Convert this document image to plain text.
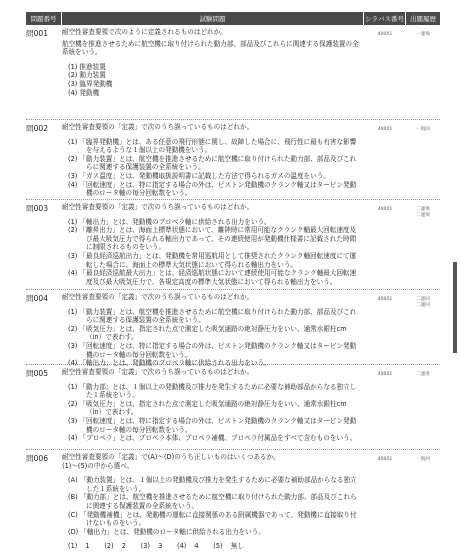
問題番号	試験問題	シラバス番号 出題履歴
問001	耐空性審査要領で次のように定義されるものはどれか。

航空機を推進させるために航空機に取り付けられた動力部、部品及びこれらに関連する保護装置の全系統をいう。

(1) 推進装置

(2) 動力装置

(3) 臨界発動機

(4) 発動機

40001	一運飛
問002	耐空性審査要領の「定義」で次のうち誤っているものはどれか。

(1) 「臨界発動機」とは、ある任意の飛行形態に関し、故障した場合に、飛行性に最も有害な影響を与えるような１個以上の発動機をいう。

(2) 「動力装置」とは、航空機を推進させるために航空機に取り付けられた動力部、部品及びこれらに関連する保護装置の全系統をいう。

(3) 「ガス温度」とは、発動機取扱説明書に記載した方法で得られるガスの温度をいう。

(4) 「回転速度」とは、特に指定する場合の外は、ピストン発動機のクランク軸又はタービン発動機のロータ軸の毎分回転数をいう。

40001	一航回
問003	耐空性審査要領の「定義」で次のうち誤っているものはどれか。

(1) 「軸出力」とは、発動機のプロペラ軸に供給される出力をいう。

(2) 「離昇出力」とは、海面上標準状態において、離陸時に常用可能なクランク軸最大回転速度及び最大吸気圧力で得られる軸出力であって、その連続使用が発動機仕様書に記載された時間に制限されるものをいう。

(3) 「最良経済巡航出力」とは、発動機を常用巡航用として推奨されたクランク軸回転速度にて運転した場合に、海面上の標準大気状態において得られる軸出力をいう。

(4) 「最良経済巡航最大出力」とは、経済巡航状態において連続使用可能なクランク軸最大回転速度及び最大吸気圧力で、各規定高度の標準大気状態において得られる軸出力をいう。

40001	二運飛
二運飛
問004	耐空性審査要領の「定義」で次のうち誤っているものはどれか。

(1) 「動力装置」とは、航空機を推進させるために航空機に取り付けられた動力部、部品及びこれらに関連する保護装置の全系統をいう。

(2) 「吸気圧力」とは、指定された点で測定した吸気通路の絶対静圧力をいい、通常水銀柱cm（in）で表わす。

(3) 「回転速度」とは、特に指定する場合の外は、ピストン発動機のクランク軸又はタービン発動機のロータ軸の毎分回転数をいう。

(4) 「軸出力」とは、発動機のプロペラ軸に供給される出力をいう。

40001	二運回
二運回
問005	耐空性審査要領の「定義」で次のうち誤っているものはどれか。

(1) 「動力部」とは、１個以上の発動機及び推力を発生するために必要な補助部品からなる独立した１系統をいう。

(2) 「吸気圧力」とは、指定された点で測定した吸気通路の絶対静圧力をいい、通常水銀柱cm（in）で表わす。

(3) 「回転速度」とは、特に指定する場合の外は、ピストン発動機のクランク軸又はタービン発動機のロータ軸の毎分回転数をいう。

(4) 「プロペラ」とは、プロペラ本体、プロペラ補機、プロペラ付属品をすべて含むものをいう。

40001	二運滑
問006	耐空性審査要領の「定義」で(A)～(D)のうち正しいものはいくつあるか。

(1)～(5)の中から選べ。

(A) 「動力装置」とは、１個以上の発動機及び推力を発生するために必要な補助部品からなる独立した１系統をいう。

(B) 「動力部」とは、航空機を推進させるために航空機に取り付けられた動力部、部品及びこれらに関連する保護装置の全系統をいう。

(C) 「発動機補機」とは、発動機の運転に直接関係のある附属機器であって、発動機に直接取り付けないものをいう。

(D) 「軸出力」とは、発動機のロータ軸に供給される出力をいう。

(1) 1　 (2) 2　 (3) 3　 (4) 4　 (5) 無し

40001	一航回
